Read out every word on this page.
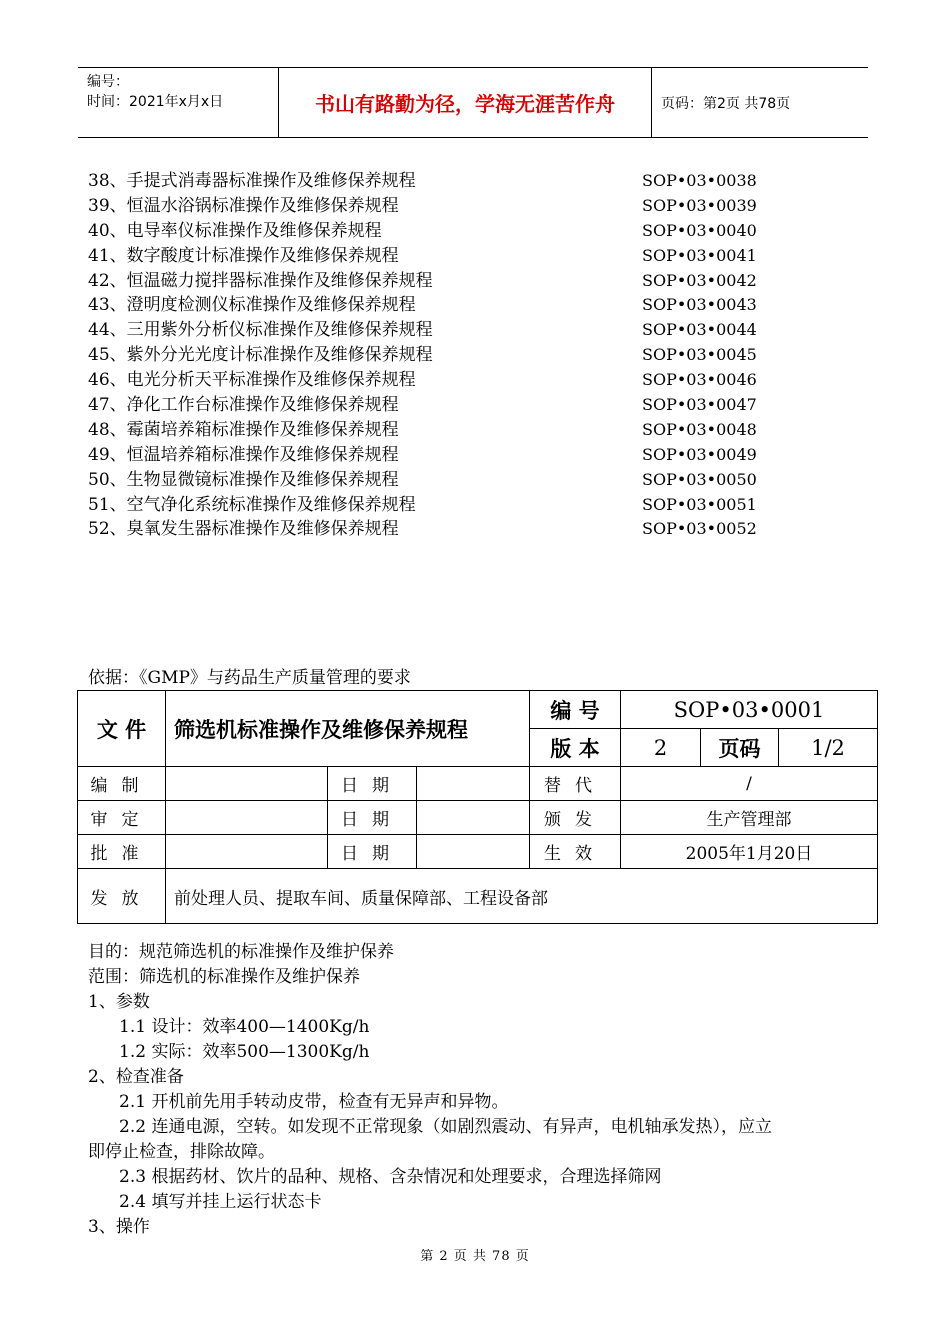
编号：
时间：2021年x月x日	书山有路勤为径，学海无涯苦作舟	页码：第2页 共78页
38、手提式消毒器标准操作及维修保养规程	SOP•03•0038
39、恒温水浴锅标准操作及维修保养规程	SOP•03•0039
40、电导率仪标准操作及维修保养规程	SOP•03•0040
41、数字酸度计标准操作及维修保养规程	SOP•03•0041
42、恒温磁力搅拌器标准操作及维修保养规程	SOP•03•0042
43、澄明度检测仪标准操作及维修保养规程	SOP•03•0043
44、三用紫外分析仪标准操作及维修保养规程	SOP•03•0044
45、紫外分光光度计标准操作及维修保养规程	SOP•03•0045
46、电光分析天平标准操作及维修保养规程	SOP•03•0046
47、净化工作台标准操作及维修保养规程	SOP•03•0047
48、霉菌培养箱标准操作及维修保养规程	SOP•03•0048
49、恒温培养箱标准操作及维修保养规程	SOP•03•0049
50、生物显微镜标准操作及维修保养规程	SOP•03•0050
51、空气净化系统标准操作及维修保养规程	SOP•03•0051
52、臭氧发生器标准操作及维修保养规程	SOP•03•0052
依据：《GMP》与药品生产质量管理的要求
文 件	筛选机标准操作及维修保养规程			编 号	SOP•03•0001		
				版 本	2	页码	1/2
编制		日期		替代	/		
审定		日期		颁发	生产管理部		
批准		日期		生效	2005年1月20日		
发放	前处理人员、提取车间、质量保障部、工程设备部						
目的：规范筛选机的标准操作及维护保养
范围：筛选机的标准操作及维护保养
1、参数
1.1 设计：效率400—1400Kg/h
1.2 实际：效率500—1300Kg/h
2、检查准备
2.1 开机前先用手转动皮带，检查有无异声和异物。
2.2 连通电源，空转。如发现不正常现象（如剧烈震动、有异声，电机轴承发热），应立
即停止检查，排除故障。
2.3 根据药材、饮片的品种、规格、含杂情况和处理要求，合理选择筛网
2.4 填写并挂上运行状态卡
3、操作
第 2 页 共 78 页
